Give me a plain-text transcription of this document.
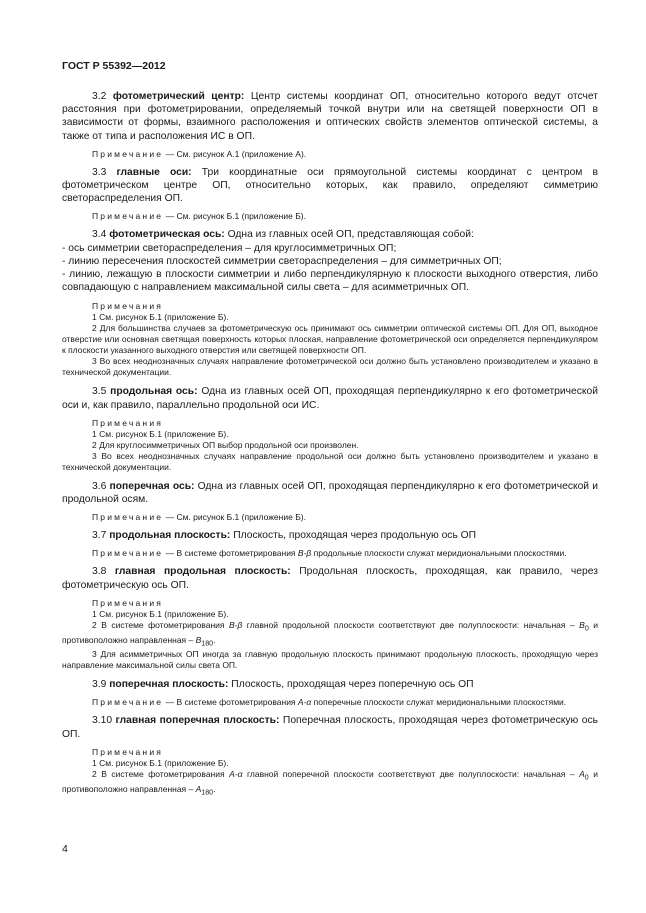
ГОСТ Р 55392—2012

3.2 фотометрический центр: Центр системы координат ОП, относительно которого ведут отсчет расстояния при фотометрировании, определяемый точкой внутри или на светящей поверхности ОП в зависимости от формы, взаимного расположения и оптических свойств элементов оптической системы, а также от типа и расположения ИС в ОП.

Примечание — См. рисунок А.1 (приложение А).

3.3 главные оси: Три координатные оси прямоугольной системы координат с центром в фотометрическом центре ОП, относительно которых, как правило, определяют симметрию светораспределения ОП.

Примечание — См. рисунок Б.1 (приложение Б).

3.4 фотометрическая ось: Одна из главных осей ОП, представляющая собой:

- ось симметрии светораспределения – для круглосимметричных ОП;
- линию пересечения плоскостей симметрии светораспределения – для симметричных ОП;
- линию, лежащую в плоскости симметрии и либо перпендикулярную к плоскости выходного отверстия, либо совпадающую с направлением максимальной силы света – для асимметричных ОП.
Примечания
1 См. рисунок Б.1 (приложение Б).
2 Для большинства случаев за фотометрическую ось принимают ось симметрии оптической системы ОП. Для ОП, выходное отверстие или основная светящая поверхность которых плоская, направление фотометрической оси определяется перпендикуляром к плоскости указанного выходного отверстия или светящей поверхности ОП.
3 Во всех неоднозначных случаях направление фотометрической оси должно быть установлено производителем и указано в технической документации.

3.5 продольная ось: Одна из главных осей ОП, проходящая перпендикулярно к его фотометрической оси и, как правило, параллельно продольной оси ИС.

Примечания
1 См. рисунок Б.1 (приложение Б).
2 Для круглосимметричных ОП выбор продольной оси произволен.
3 Во всех неоднозначных случаях направление продольной оси должно быть установлено производителем и указано в технической документации.

3.6 поперечная ось: Одна из главных осей ОП, проходящая перпендикулярно к его фотометрической и продольной осям.

Примечание — См. рисунок Б.1 (приложение Б).

3.7 продольная плоскость: Плоскость, проходящая через продольную ось ОП

Примечание — В системе фотометрирования В-β продольные плоскости служат меридиональными плоскостями.

3.8 главная продольная плоскость: Продольная плоскость, проходящая, как правило, через фотометрическую ось ОП.

Примечания
1 См. рисунок Б.1 (приложение Б).
2 В системе фотометрирования В-β главной продольной плоскости соответствуют две полуплоскости: начальная – $B_0$ и противоположно направленная – $B_{180}$.
3 Для асимметричных ОП иногда за главную продольную плоскость принимают продольную плоскость, проходящую через направление максимальной силы света ОП.

3.9 поперечная плоскость: Плоскость, проходящая через поперечную ось ОП

Примечание — В системе фотометрирования А-α поперечные плоскости служат меридиональными плоскостями.

3.10 главная поперечная плоскость: Поперечная плоскость, проходящая через фотометрическую ось ОП.

Примечания
1 См. рисунок Б.1 (приложение Б).
2 В системе фотометрирования А-α главной поперечной плоскости соответствуют две полуплоскости: начальная – $A_0$ и противоположно направленная – $A_{180}$.
4
